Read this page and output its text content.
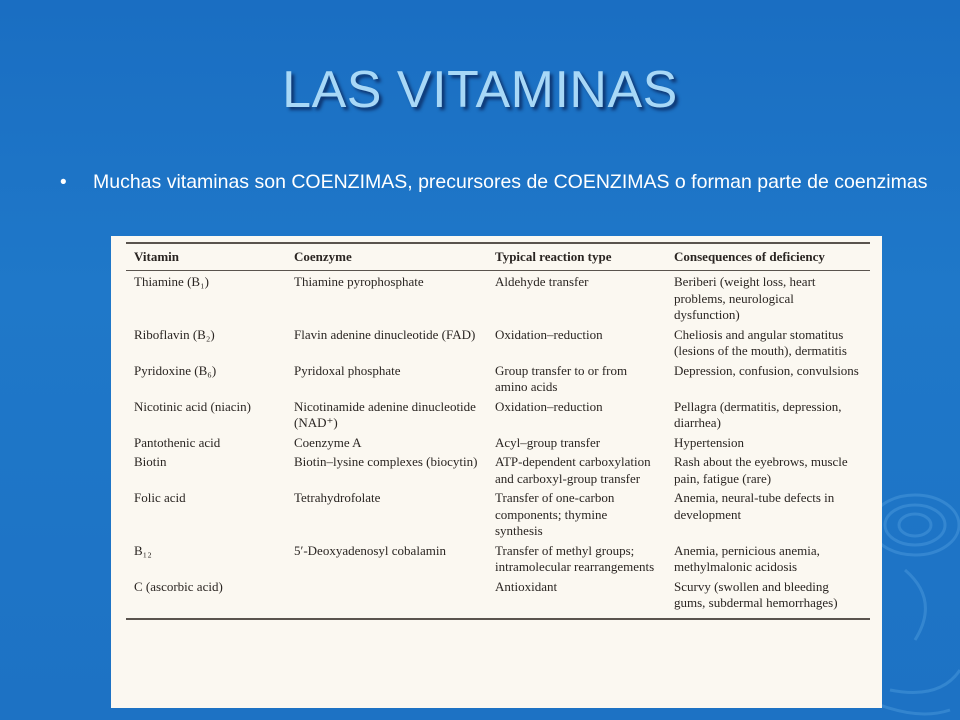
LAS VITAMINAS
•	Muchas vitaminas son COENZIMAS, precursores de COENZIMAS o forman parte de coenzimas
Vitamin	Coenzyme	Typical reaction type	Consequences of deficiency
Thiamine (B₁)	Thiamine pyrophosphate	Aldehyde transfer	Beriberi (weight loss, heart problems, neurological dysfunction)
Riboflavin (B₂)	Flavin adenine dinucleotide (FAD)	Oxidation–reduction	Cheliosis and angular stomatitus (lesions of the mouth), dermatitis
Pyridoxine (B₆)	Pyridoxal phosphate	Group transfer to or from amino acids	Depression, confusion, convulsions
Nicotinic acid (niacin)	Nicotinamide adenine dinucleotide (NAD⁺)	Oxidation–reduction	Pellagra (dermatitis, depression, diarrhea)
Pantothenic acid	Coenzyme A	Acyl–group transfer	Hypertension
Biotin	Biotin–lysine complexes (biocytin)	ATP-dependent carboxylation and carboxyl-group transfer	Rash about the eyebrows, muscle pain, fatigue (rare)
Folic acid	Tetrahydrofolate	Transfer of one-carbon components; thymine synthesis	Anemia, neural-tube defects in development
B₁₂	5′-Deoxyadenosyl cobalamin	Transfer of methyl groups; intramolecular rearrangements	Anemia, pernicious anemia, methylmalonic acidosis
C (ascorbic acid)		Antioxidant	Scurvy (swollen and bleeding gums, subdermal hemorrhages)
